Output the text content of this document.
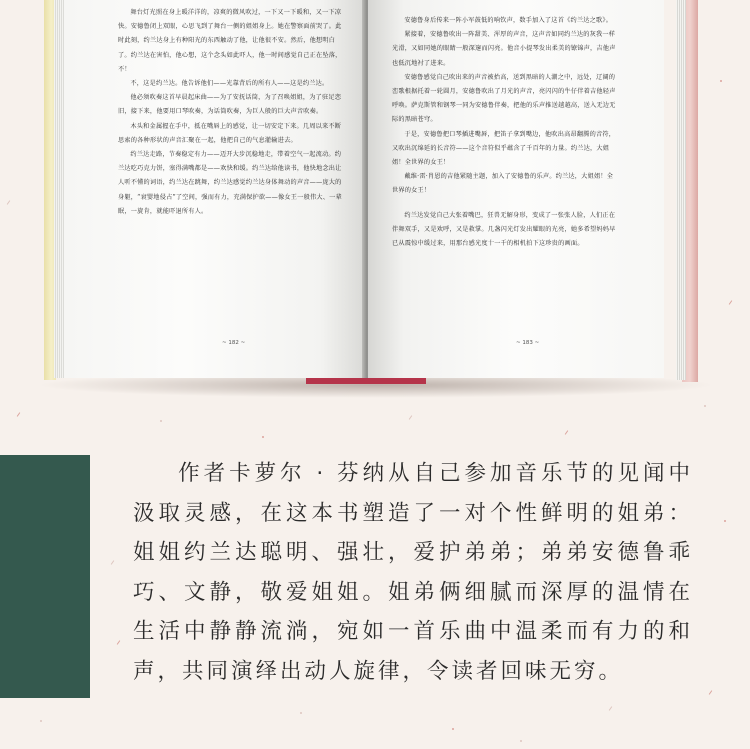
舞台灯光照在身上暖洋洋的，凉爽的微风吹过，一下又一下暖和，又一下凉快。安德鲁闭上双眼，心思飞到了舞台一侧的姐姐身上。她在警察面前哭了。此时此刻，约兰达身上有种阳光的东西触动了他，让他很不安。然后，他想明白了。约兰达在害怕，他心想，这个念头如此吓人，他一时间感觉自己正在坠落，不！

不，这是约兰达。他告诉他们——光靠背后的所有人——这是约兰达。

他必须吹奏这首早晨起床曲——为了安抚话筒，为了召唤姐姐，为了驻足恋旧，接下来，他要用口琴吹奏，为话筒吹奏，为巨人般的巨大声音吹奏。

木头和金属握在手中，抵在嘴唇上的感觉，让一切安定下来。几周以来不断思索的各种形状的声音汇聚在一起，他把自己的气息灌输进去。

约兰达走路，节奏稳定有力——迈开大步沉稳地走，带着空气一起流动。约兰达吃巧克力饼，塞得满嘴都是——欢快和缓。约兰达给他读书，他快地念出让人听不懂的词语，约兰达在跳舞，约兰达感觉约兰达身体舞动的声音——庞大的身躯，“衰婴地侵占”了空间，强而有力，充满保护欲——像女王一般伟大、一辈眠，一旋肯，就能吓退所有人。

~ 182 ~

安德鲁身后传来一阵小军鼓低的响钦声，数手加入了这首《约兰达之歌》。

紧接着，安德鲁吹出一阵甜美、浑厚的声音，这声音如同约兰达的灰我一样光滑，又如同她的眼睛一般深邃而闪亮。他音小提琴发出柔美的镣锦声，吉他声也低沉地衬了进来。

安德鲁感觉自己吹出来的声音被抬高，送到黑暗的人潮之中，远处，辽阔的峦歌根据托着一轮圆月，安德鲁吹出了月光的声音，亮闪闪的牛仔伴着吉他轻声呼唤。萨克斯管和钢琴一同为安德鲁伴奏，把他的乐声推送越越高，送入无边无际的黑暗苍穹。

于是，安德鲁把口琴插进嘴唇，把笛子拿到嘴边，他吹出高昂翻腾的音符，又吹出沉绵延的长音符——这个音符似乎蕴含了千百年的力量。约兰达，大姐姐！全世界的女王！

戴维·雷·肖恩的吉他紧随主题，加入了安德鲁的乐声。约兰达，大姐姐！全世界的女王！

约兰达发觉自己大张着嘴巴，狂兽无解身形，变成了一张张人脸，人们正在伴舞双手，又是欢呼，又是救掌。几盏闪光灯发出耀眼的光亮，她多希望妈妈早已从震惊中缓过来，用那台感光度十一千的相机拍下这珍贵的画面。

~ 183 ~

作者卡萝尔 · 芬纳从自己参加音乐节的见闻中汲取灵感，在这本书塑造了一对个性鲜明的姐弟：姐姐约兰达聪明、强壮，爱护弟弟；弟弟安德鲁乖巧、文静，敬爱姐姐。姐弟俩细腻而深厚的温情在生活中静静流淌，宛如一首乐曲中温柔而有力的和声，共同演绎出动人旋律，令读者回味无穷。
